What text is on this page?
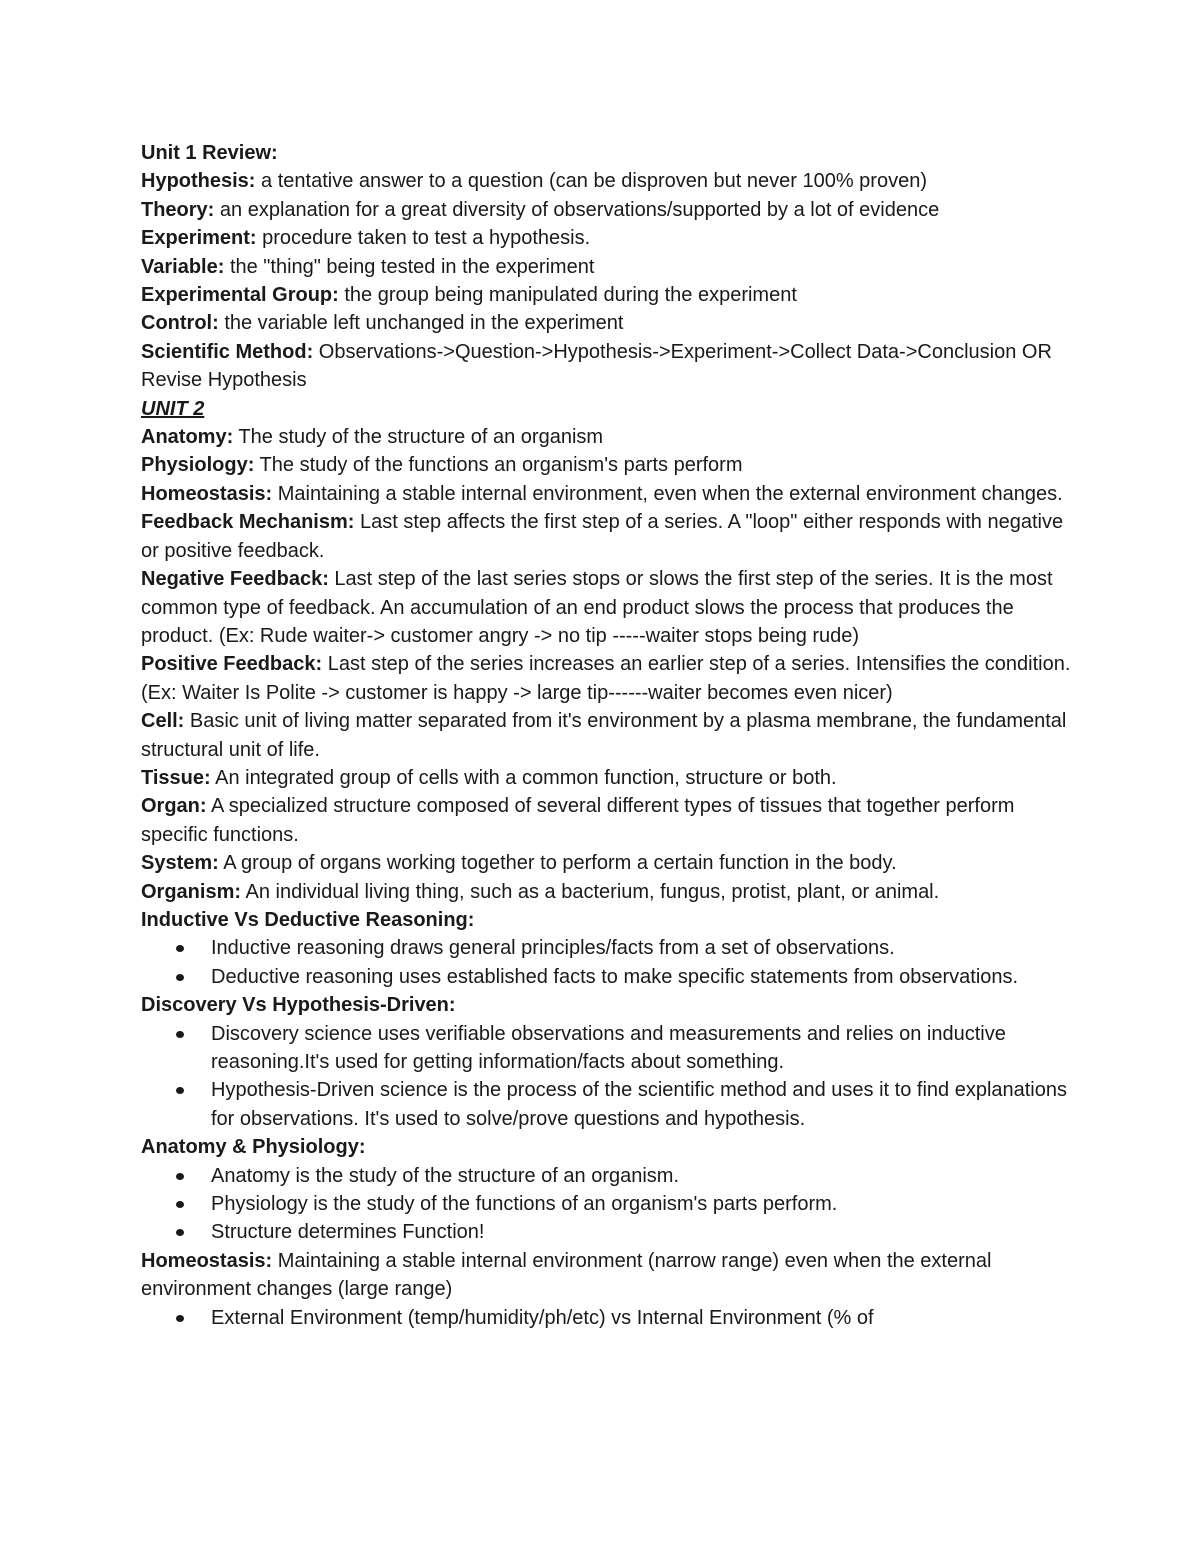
Unit 1 Review:

Hypothesis: a tentative answer to a question (can be disproven but never 100% proven)

Theory: an explanation for a great diversity of observations/supported by a lot of evidence

Experiment: procedure taken to test a hypothesis.

Variable: the "thing" being tested in the experiment

Experimental Group: the group being manipulated during the experiment

Control: the variable left unchanged in the experiment

Scientific Method: Observations->Question->Hypothesis->Experiment->Collect Data->Conclusion OR Revise Hypothesis

UNIT 2

Anatomy: The study of the structure of an organism

Physiology: The study of the functions an organism's parts perform

Homeostasis: Maintaining a stable internal environment, even when the external environment changes.

Feedback Mechanism: Last step affects the first step of a series. A "loop" either responds with negative or positive feedback.

Negative Feedback: Last step of the last series stops or slows the first step of the series. It is the most common type of feedback. An accumulation of an end product slows the process that produces the product. (Ex: Rude waiter-> customer angry -> no tip -----waiter stops being rude)

Positive Feedback: Last step of the series increases an earlier step of a series. Intensifies the condition. (Ex: Waiter Is Polite -> customer is happy -> large tip------waiter becomes even nicer)

Cell: Basic unit of living matter separated from it's environment by a plasma membrane, the fundamental structural unit of life.

Tissue: An integrated group of cells with a common function, structure or both.

Organ: A specialized structure composed of several different types of tissues that together perform specific functions.

System: A group of organs working together to perform a certain function in the body.

Organism: An individual living thing, such as a bacterium, fungus, protist, plant, or animal.

Inductive Vs Deductive Reasoning:

Inductive reasoning draws general principles/facts from a set of observations.
Deductive reasoning uses established facts to make specific statements from observations.

Discovery Vs Hypothesis-Driven:

Discovery science uses verifiable observations and measurements and relies on inductive reasoning.It's used for getting information/facts about something.
Hypothesis-Driven science is the process of the scientific method and uses it to find explanations for observations. It's used to solve/prove questions and hypothesis.

Anatomy & Physiology:

Anatomy is the study of the structure of an organism.
Physiology is the study of the functions of an organism's parts perform.
Structure determines Function!

Homeostasis: Maintaining a stable internal environment (narrow range) even when the external environment changes (large range)

External Environment (temp/humidity/ph/etc) vs Internal Environment (% of
